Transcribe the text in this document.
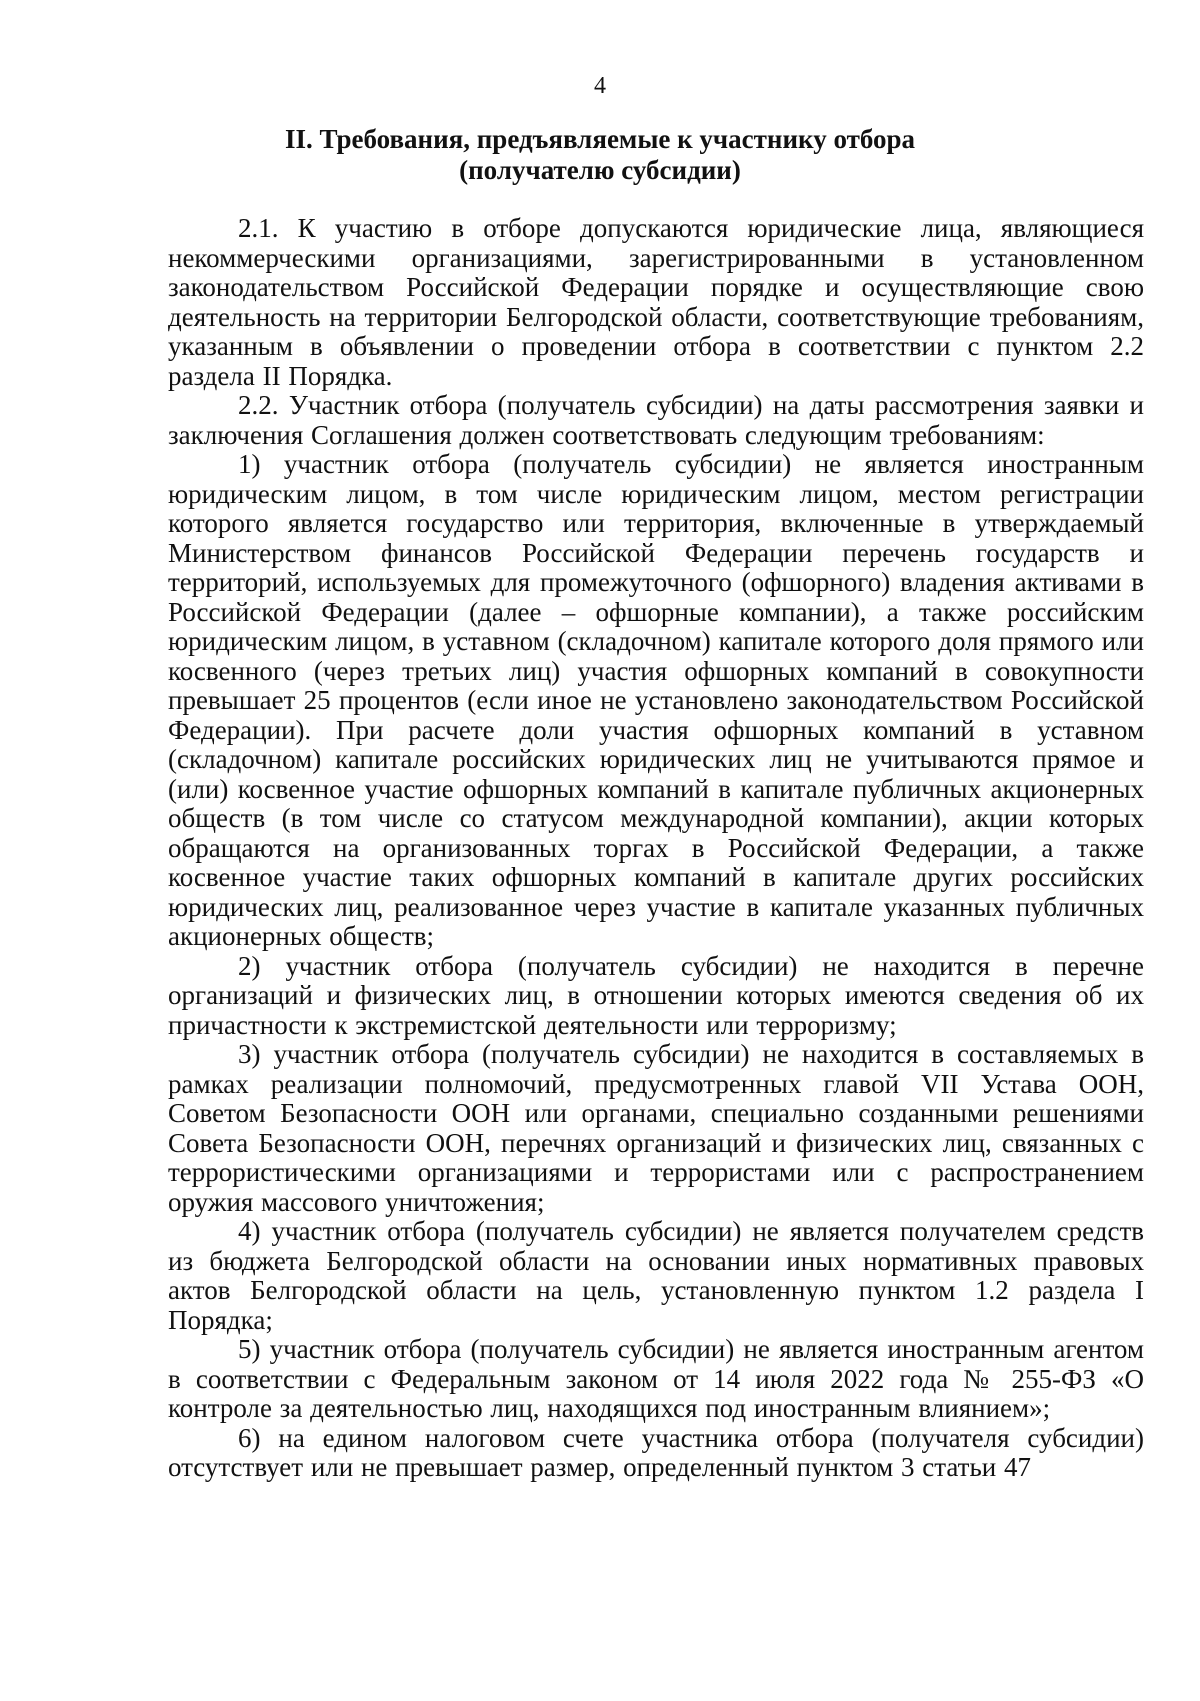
4
II. Требования, предъявляемые к участнику отбора
(получателю субсидии)

2.1. К участию в отборе допускаются юридические лица, являющиеся некоммерческими организациями, зарегистрированными в установленном законодательством Российской Федерации порядке и осуществляющие свою деятельность на территории Белгородской области, соответствующие требованиям, указанным в объявлении о проведении отбора в соответствии с пунктом 2.2 раздела II Порядка.

2.2. Участник отбора (получатель субсидии) на даты рассмотрения заявки и заключения Соглашения должен соответствовать следующим требованиям:

1) участник отбора (получатель субсидии) не является иностранным юридическим лицом, в том числе юридическим лицом, местом регистрации которого является государство или территория, включенные в утверждаемый Министерством финансов Российской Федерации перечень государств и территорий, используемых для промежуточного (офшорного) владения активами в Российской Федерации (далее – офшорные компании), а также российским юридическим лицом, в уставном (складочном) капитале которого доля прямого или косвенного (через третьих лиц) участия офшорных компаний в совокупности превышает 25 процентов (если иное не установлено законодательством Российской Федерации). При расчете доли участия офшорных компаний в уставном (складочном) капитале российских юридических лиц не учитываются прямое и (или) косвенное участие офшорных компаний в капитале публичных акционерных обществ (в том числе со статусом международной компании), акции которых обращаются на организованных торгах в Российской Федерации, а также косвенное участие таких офшорных компаний в капитале других российских юридических лиц, реализованное через участие в капитале указанных публичных акционерных обществ;

2) участник отбора (получатель субсидии) не находится в перечне организаций и физических лиц, в отношении которых имеются сведения об их причастности к экстремистской деятельности или терроризму;

3) участник отбора (получатель субсидии) не находится в составляемых в рамках реализации полномочий, предусмотренных главой VII Устава ООН, Советом Безопасности ООН или органами, специально созданными решениями Совета Безопасности ООН, перечнях организаций и физических лиц, связанных с террористическими организациями и террористами или с распространением оружия массового уничтожения;

4) участник отбора (получатель субсидии) не является получателем средств из бюджета Белгородской области на основании иных нормативных правовых актов Белгородской области на цель, установленную пунктом 1.2 раздела I Порядка;

5) участник отбора (получатель субсидии) не является иностранным агентом в соответствии с Федеральным законом от 14 июля 2022 года № 255-ФЗ «О контроле за деятельностью лиц, находящихся под иностранным влиянием»;

6) на едином налоговом счете участника отбора (получателя субсидии) отсутствует или не превышает размер, определенный пунктом 3 статьи 47
